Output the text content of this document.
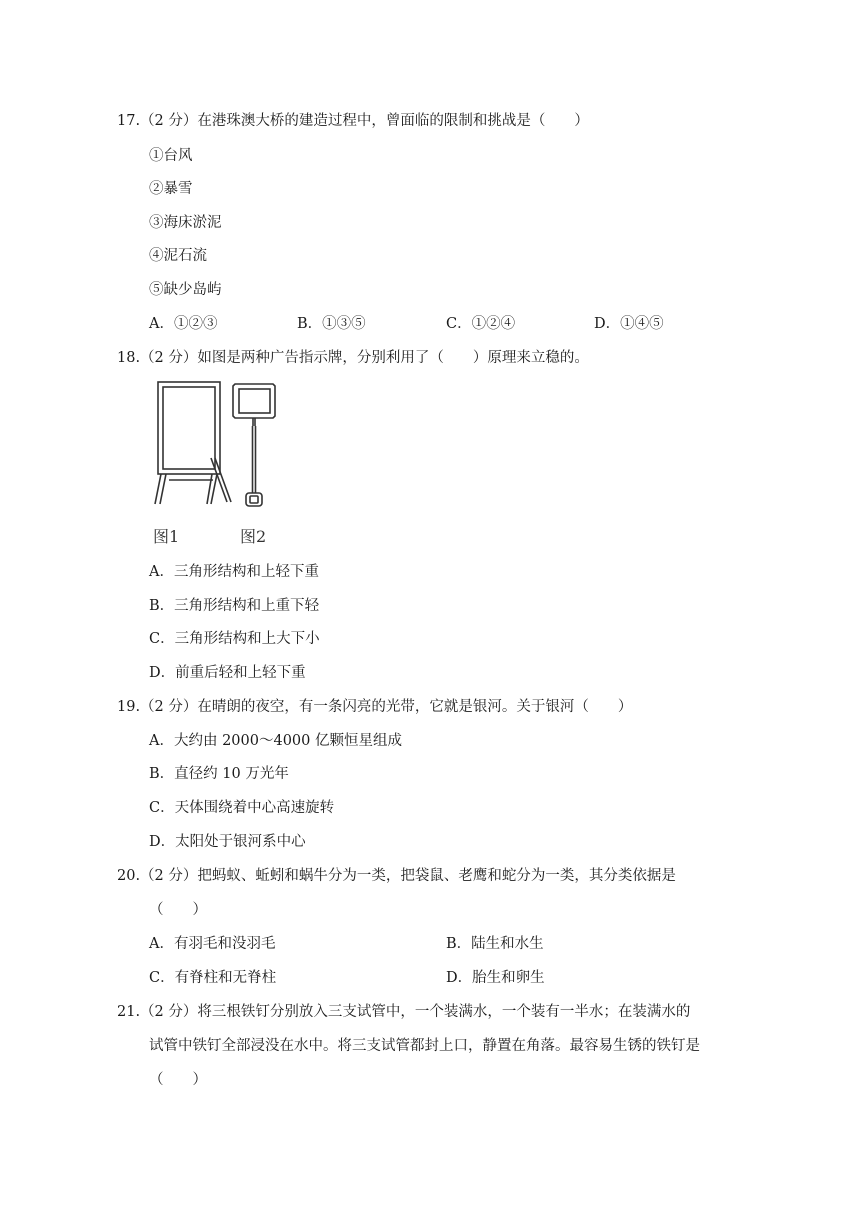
17.（2 分）在港珠澳大桥的建造过程中，曾面临的限制和挑战是（　　）
①台风
②暴雪
③海床淤泥
④泥石流
⑤缺少岛屿
A．①②③	B．①③⑤	C．①②④	D．①④⑤
18.（2 分）如图是两种广告指示牌，分别利用了（　　）原理来立稳的。
图1	图2
A．三角形结构和上轻下重
B．三角形结构和上重下轻
C．三角形结构和上大下小
D．前重后轻和上轻下重
19.（2 分）在晴朗的夜空，有一条闪亮的光带，它就是银河。关于银河（　　）
A．大约由 2000～4000 亿颗恒星组成
B．直径约 10 万光年
C．天体围绕着中心高速旋转
D．太阳处于银河系中心
20.（2 分）把蚂蚁、蚯蚓和蜗牛分为一类，把袋鼠、老鹰和蛇分为一类，其分类依据是
（　　）
A．有羽毛和没羽毛	B．陆生和水生
C．有脊柱和无脊柱	D．胎生和卵生
21.（2 分）将三根铁钉分别放入三支试管中，一个装满水，一个装有一半水；在装满水的
试管中铁钉全部浸没在水中。将三支试管都封上口，静置在角落。最容易生锈的铁钉是
（　　）
